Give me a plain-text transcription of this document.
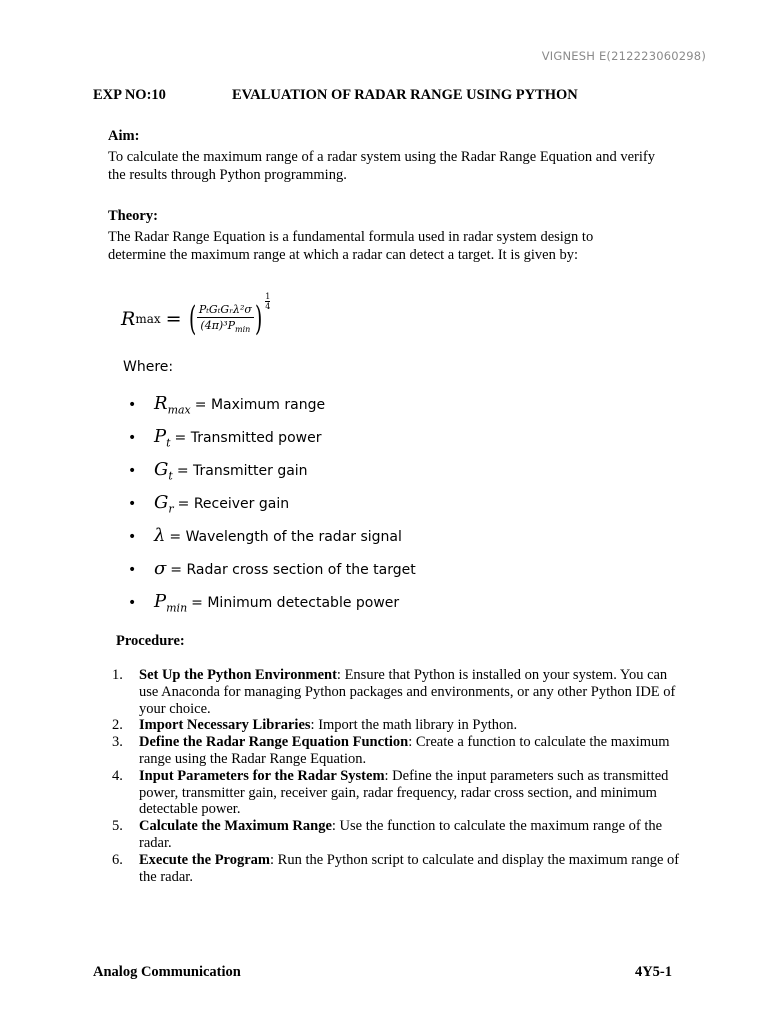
VIGNESH E(212223060298)
EXP NO:10	EVALUATION OF RADAR RANGE USING PYTHON
Aim:
To calculate the maximum range of a radar system using the Radar Range Equation and verify the results through Python programming.
Theory:
The Radar Range Equation is a fundamental formula used in radar system design to determine the maximum range at which a radar can detect a target. It is given by:
R max = ( $\frac{\text{PₜGₜGᵣλ²σ}}{(4\pi)^3P_{min}}$ ) $\frac{1}{4}$
Where:
• $R_{max}$ = Maximum range
• $P_t$ = Transmitted power
• $G_t$ = Transmitter gain
• $G_r$ = Receiver gain
• λ = Wavelength of the radar signal
• σ = Radar cross section of the target
• $P_{min}$ = Minimum detectable power
Procedure:
1.	Set Up the Python Environment: Ensure that Python is installed on your system. You can use Anaconda for managing Python packages and environments, or any other Python IDE of your choice.
2.	Import Necessary Libraries: Import the math library in Python.
3.	Define the Radar Range Equation Function: Create a function to calculate the maximum range using the Radar Range Equation.
4.	Input Parameters for the Radar System: Define the input parameters such as transmitted power, transmitter gain, receiver gain, radar frequency, radar cross section, and minimum detectable power.
5.	Calculate the Maximum Range: Use the function to calculate the maximum range of the radar.
6.	Execute the Program: Run the Python script to calculate and display the maximum range of the radar.
Analog Communication	4Y5-1
